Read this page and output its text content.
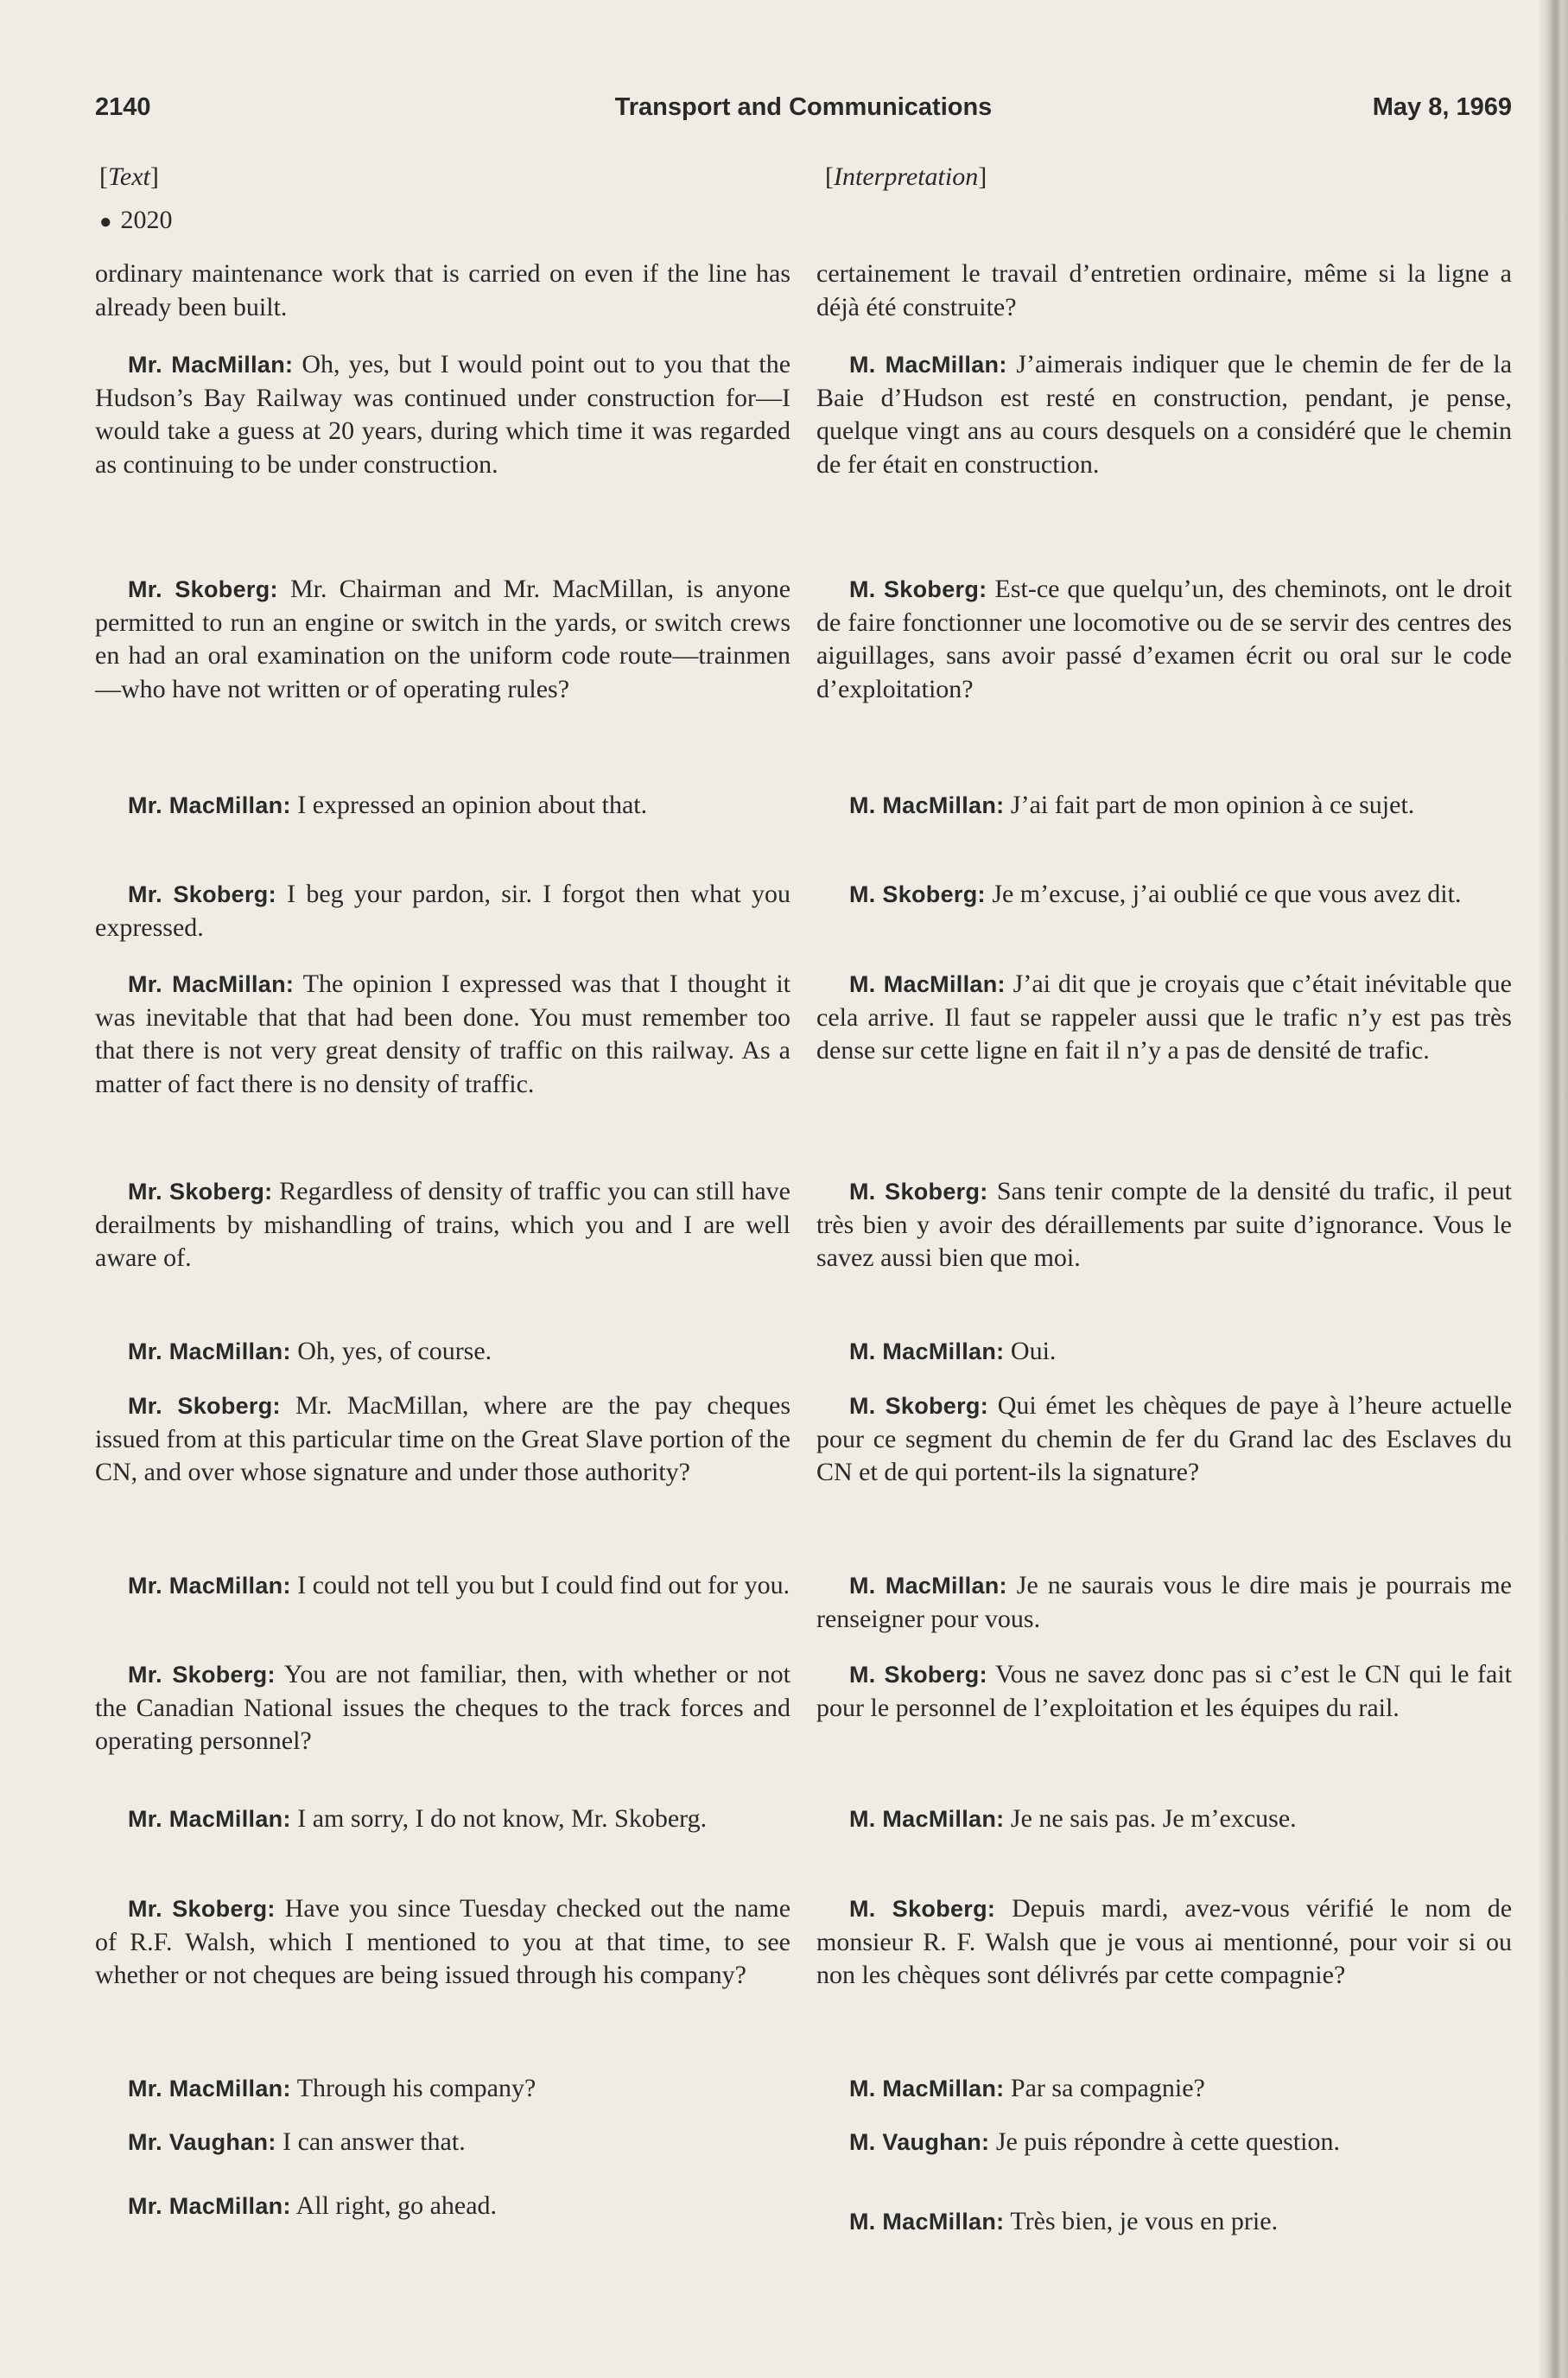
2140	Transport and Communications	May 8, 1969
[Text]	[Interpretation]
● 2020

ordinary maintenance work that is carried on even if the line has already been built.

Mr. MacMillan: Oh, yes, but I would point out to you that the Hudson’s Bay Railway was continued under construction for—I would take a guess at 20 years, during which time it was regarded as continuing to be under construction.

Mr. Skoberg: Mr. Chairman and Mr. MacMillan, is anyone permitted to run an engine or switch in the yards, or switch crews en had an oral examination on the uniform code route—trainmen—who have not written or of operating rules?

Mr. MacMillan: I expressed an opinion about that.

Mr. Skoberg: I beg your pardon, sir. I forgot then what you expressed.

Mr. MacMillan: The opinion I expressed was that I thought it was inevitable that that had been done. You must remember too that there is not very great density of traffic on this railway. As a matter of fact there is no density of traffic.

Mr. Skoberg: Regardless of density of traffic you can still have derailments by mishandling of trains, which you and I are well aware of.

Mr. MacMillan: Oh, yes, of course.

Mr. Skoberg: Mr. MacMillan, where are the pay cheques issued from at this particular time on the Great Slave portion of the CN, and over whose signature and under those authority?

Mr. MacMillan: I could not tell you but I could find out for you.

Mr. Skoberg: You are not familiar, then, with whether or not the Canadian National issues the cheques to the track forces and operating personnel?

Mr. MacMillan: I am sorry, I do not know, Mr. Skoberg.

Mr. Skoberg: Have you since Tuesday checked out the name of R.F. Walsh, which I mentioned to you at that time, to see whether or not cheques are being issued through his company?

Mr. MacMillan: Through his company?

Mr. Vaughan: I can answer that.

Mr. MacMillan: All right, go ahead.

certainement le travail d’entretien ordinaire, même si la ligne a déjà été construite?

M. MacMillan: J’aimerais indiquer que le chemin de fer de la Baie d’Hudson est resté en construction, pendant, je pense, quelque vingt ans au cours desquels on a considéré que le chemin de fer était en construction.

M. Skoberg: Est-ce que quelqu’un, des cheminots, ont le droit de faire fonctionner une locomotive ou de se servir des centres des aiguillages, sans avoir passé d’examen écrit ou oral sur le code d’exploitation?

M. MacMillan: J’ai fait part de mon opinion à ce sujet.

M. Skoberg: Je m’excuse, j’ai oublié ce que vous avez dit.

M. MacMillan: J’ai dit que je croyais que c’était inévitable que cela arrive. Il faut se rappeler aussi que le trafic n’y est pas très dense sur cette ligne en fait il n’y a pas de densité de trafic.

M. Skoberg: Sans tenir compte de la densité du trafic, il peut très bien y avoir des déraillements par suite d’ignorance. Vous le savez aussi bien que moi.

M. MacMillan: Oui.

M. Skoberg: Qui émet les chèques de paye à l’heure actuelle pour ce segment du chemin de fer du Grand lac des Esclaves du CN et de qui portent-ils la signature?

M. MacMillan: Je ne saurais vous le dire mais je pourrais me renseigner pour vous.

M. Skoberg: Vous ne savez donc pas si c’est le CN qui le fait pour le personnel de l’exploitation et les équipes du rail.

M. MacMillan: Je ne sais pas. Je m’excuse.

M. Skoberg: Depuis mardi, avez-vous vérifié le nom de monsieur R. F. Walsh que je vous ai mentionné, pour voir si ou non les chèques sont délivrés par cette compagnie?

M. MacMillan: Par sa compagnie?

M. Vaughan: Je puis répondre à cette question.

M. MacMillan: Très bien, je vous en prie.
